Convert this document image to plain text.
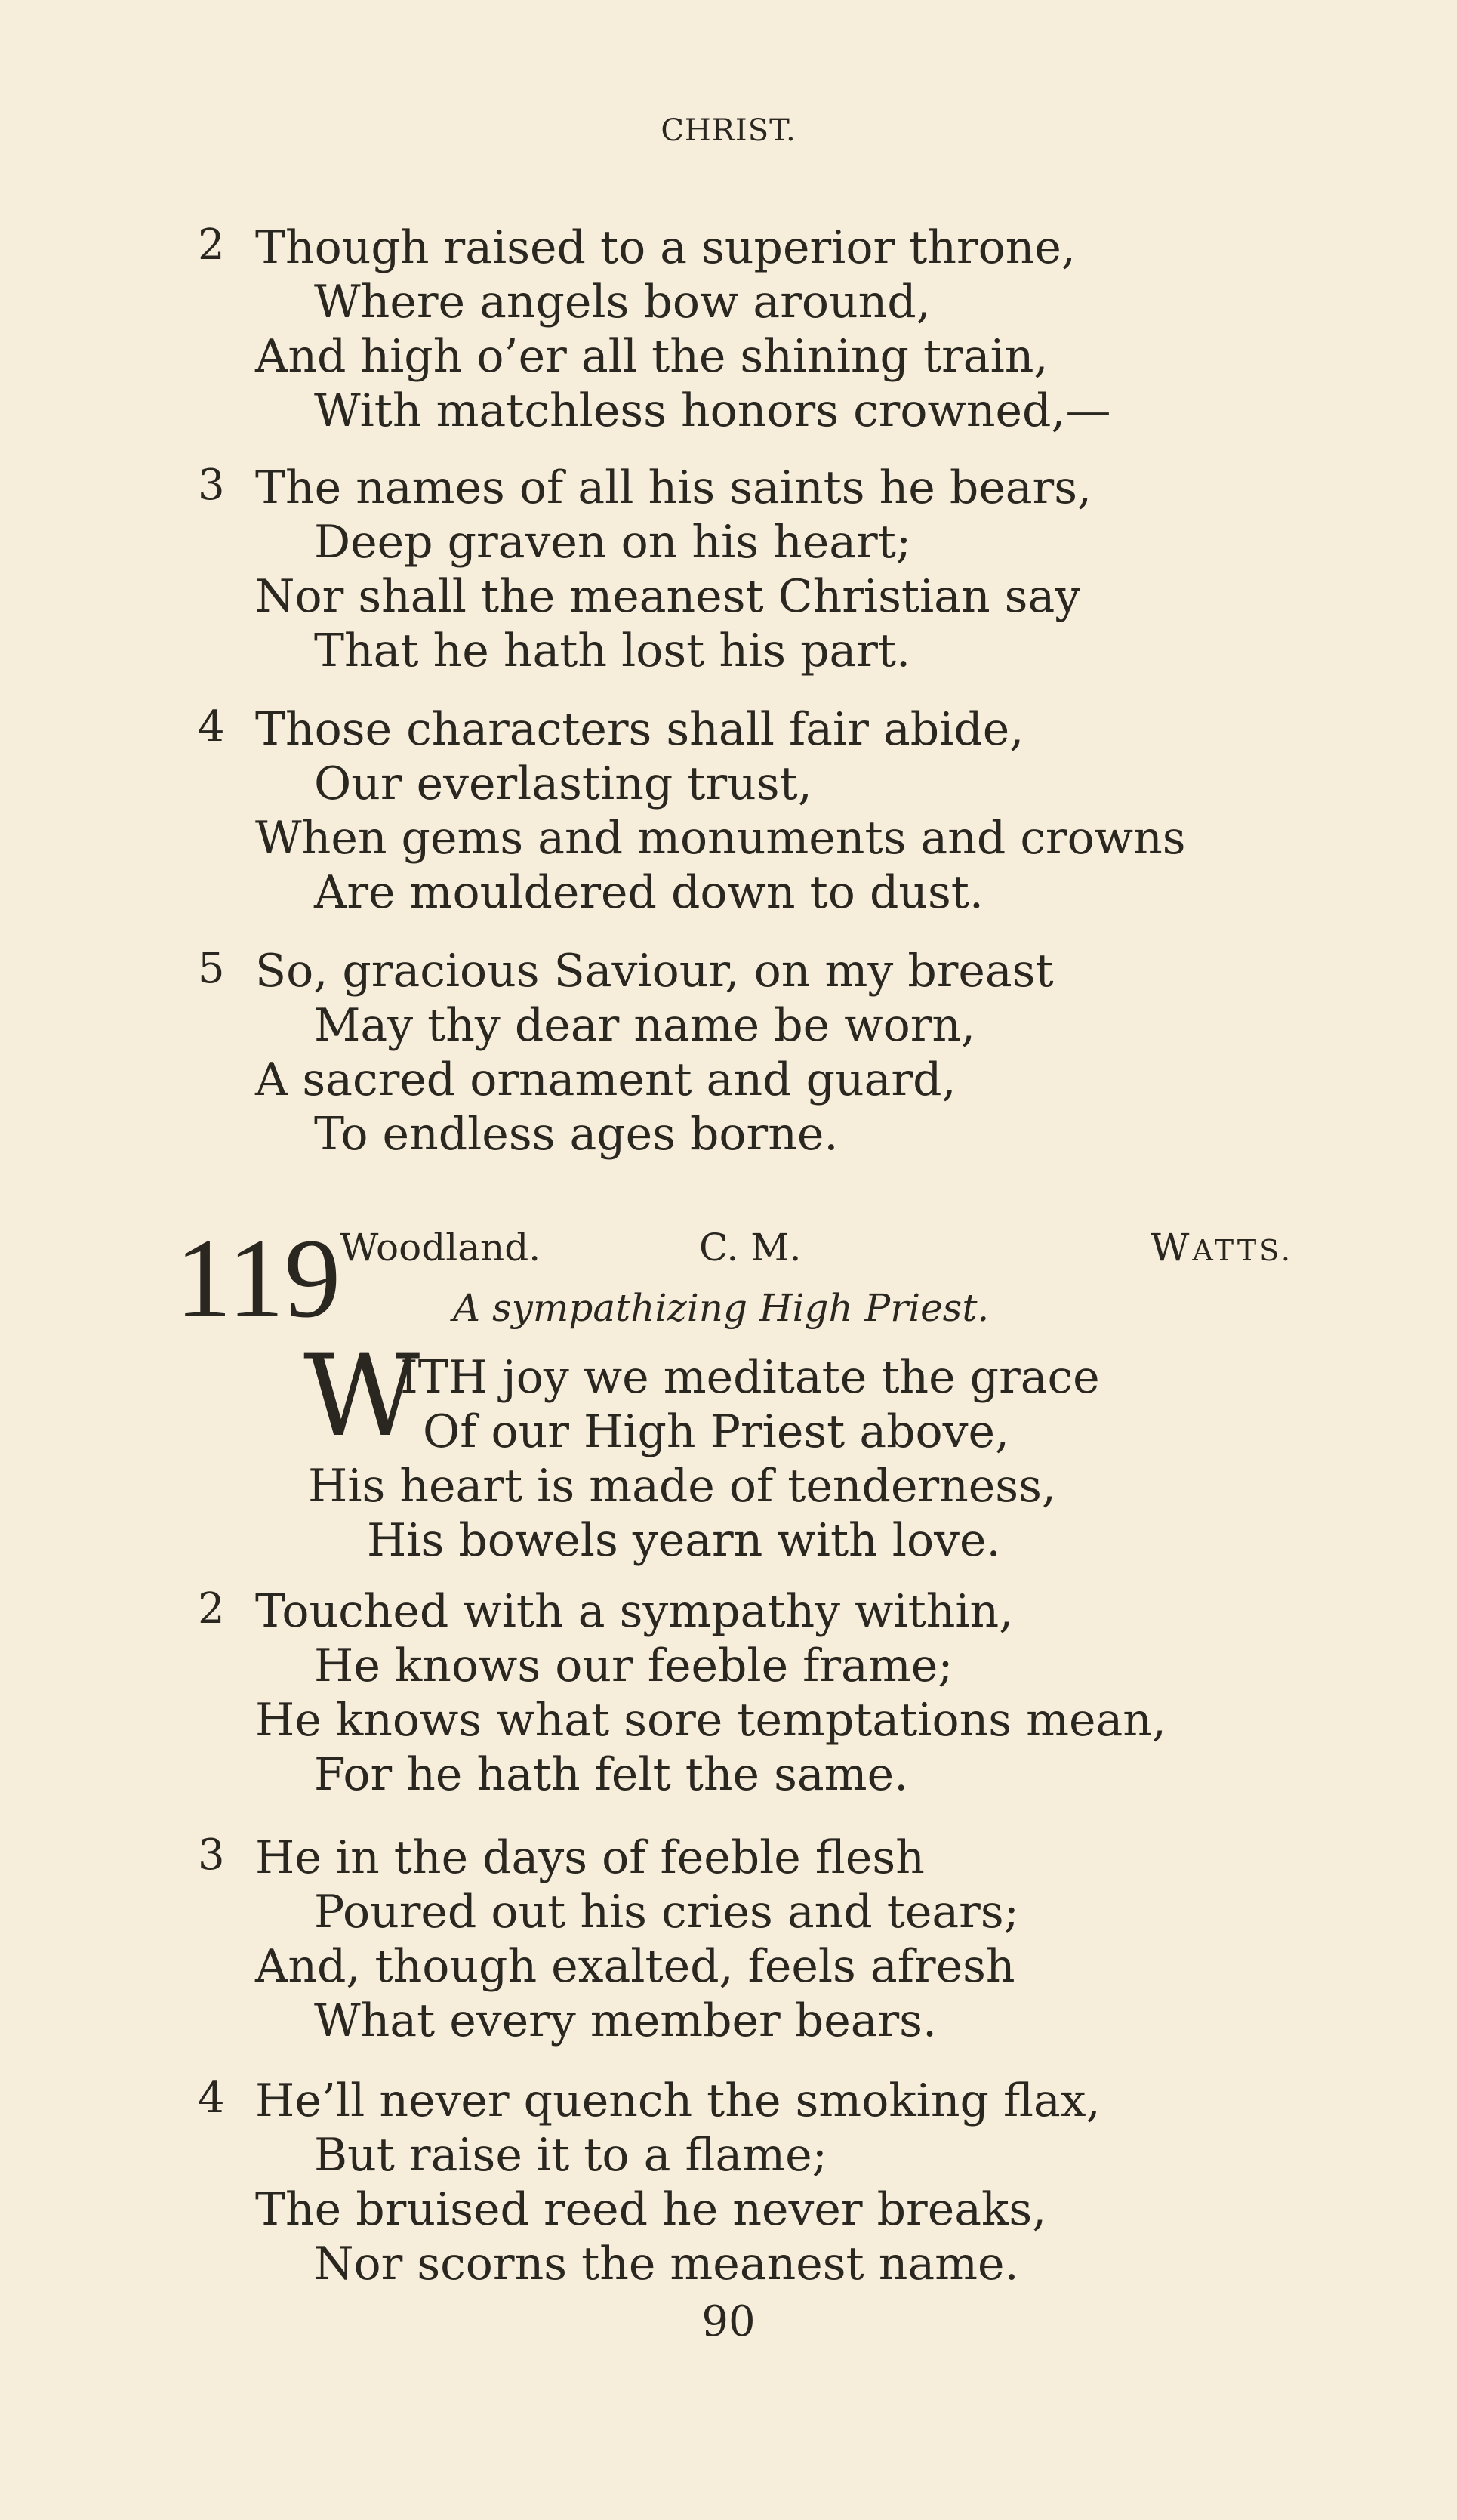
CHRIST.
2 Though raised to a superior throne,
Where angels bow around,
And high o’er all the shining train,
With matchless honors crowned,—
3 The names of all his saints he bears,
Deep graven on his heart;
Nor shall the meanest Christian say
That he hath lost his part.
4 Those characters shall fair abide,
Our everlasting trust,
When gems and monuments and crowns
Are mouldered down to dust.
5 So, gracious Saviour, on my breast
May thy dear name be worn,
A sacred ornament and guard,
To endless ages borne.
119
Woodland.	C. M.	WATTS.
A sympathizing High Priest.
W
ITH joy we meditate the grace
Of our High Priest above,
His heart is made of tenderness,
His bowels yearn with love.
2 Touched with a sympathy within,
He knows our feeble frame;
He knows what sore temptations mean,
For he hath felt the same.
3 He in the days of feeble flesh
Poured out his cries and tears;
And, though exalted, feels afresh
What every member bears.
4 He’ll never quench the smoking flax,
But raise it to a flame;
The bruised reed he never breaks,
Nor scorns the meanest name.
90
